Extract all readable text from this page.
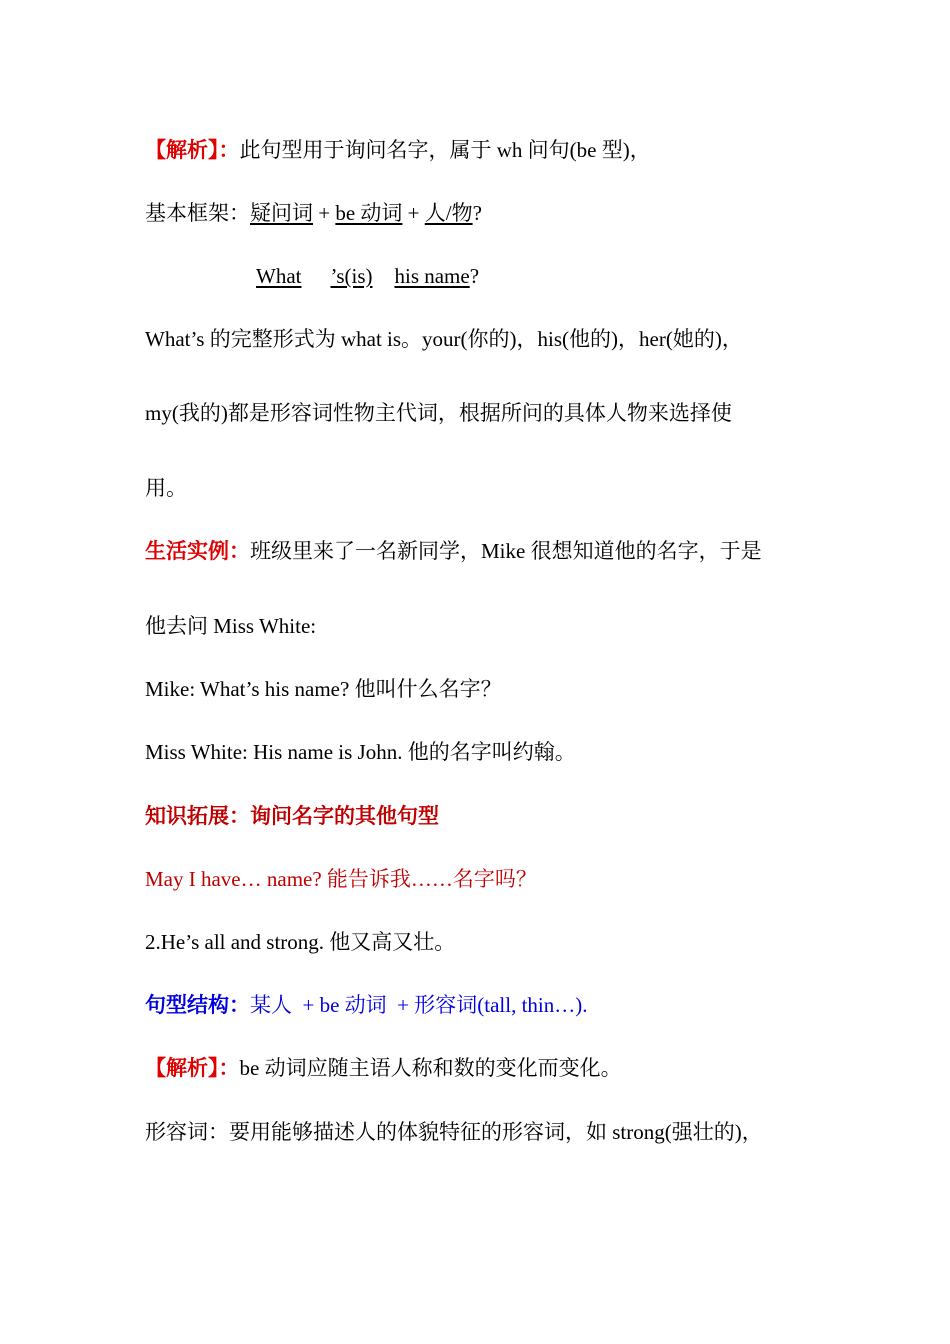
【解析】：此句型用于询问名字，属于 wh 问句(be 型)，
基本框架：疑问词 + be 动词 + 人/物?
What ’s(is) his name?
What’s 的完整形式为 what is。your(你的)，his(他的)，her(她的)，
my(我的)都是形容词性物主代词，根据所问的具体人物来选择使
用。
生活实例：班级里来了一名新同学，Mike 很想知道他的名字，于是
他去问 Miss White:
Mike: What’s his name? 他叫什么名字？
Miss White: His name is John. 他的名字叫约翰。
知识拓展：询问名字的其他句型
May I have… name? 能告诉我……名字吗？
2.He’s all and strong. 他又高又壮。
句型结构：某人  + be 动词  + 形容词(tall, thin…).
【解析】：be 动词应随主语人称和数的变化而变化。
形容词：要用能够描述人的体貌特征的形容词，如 strong(强壮的)，
